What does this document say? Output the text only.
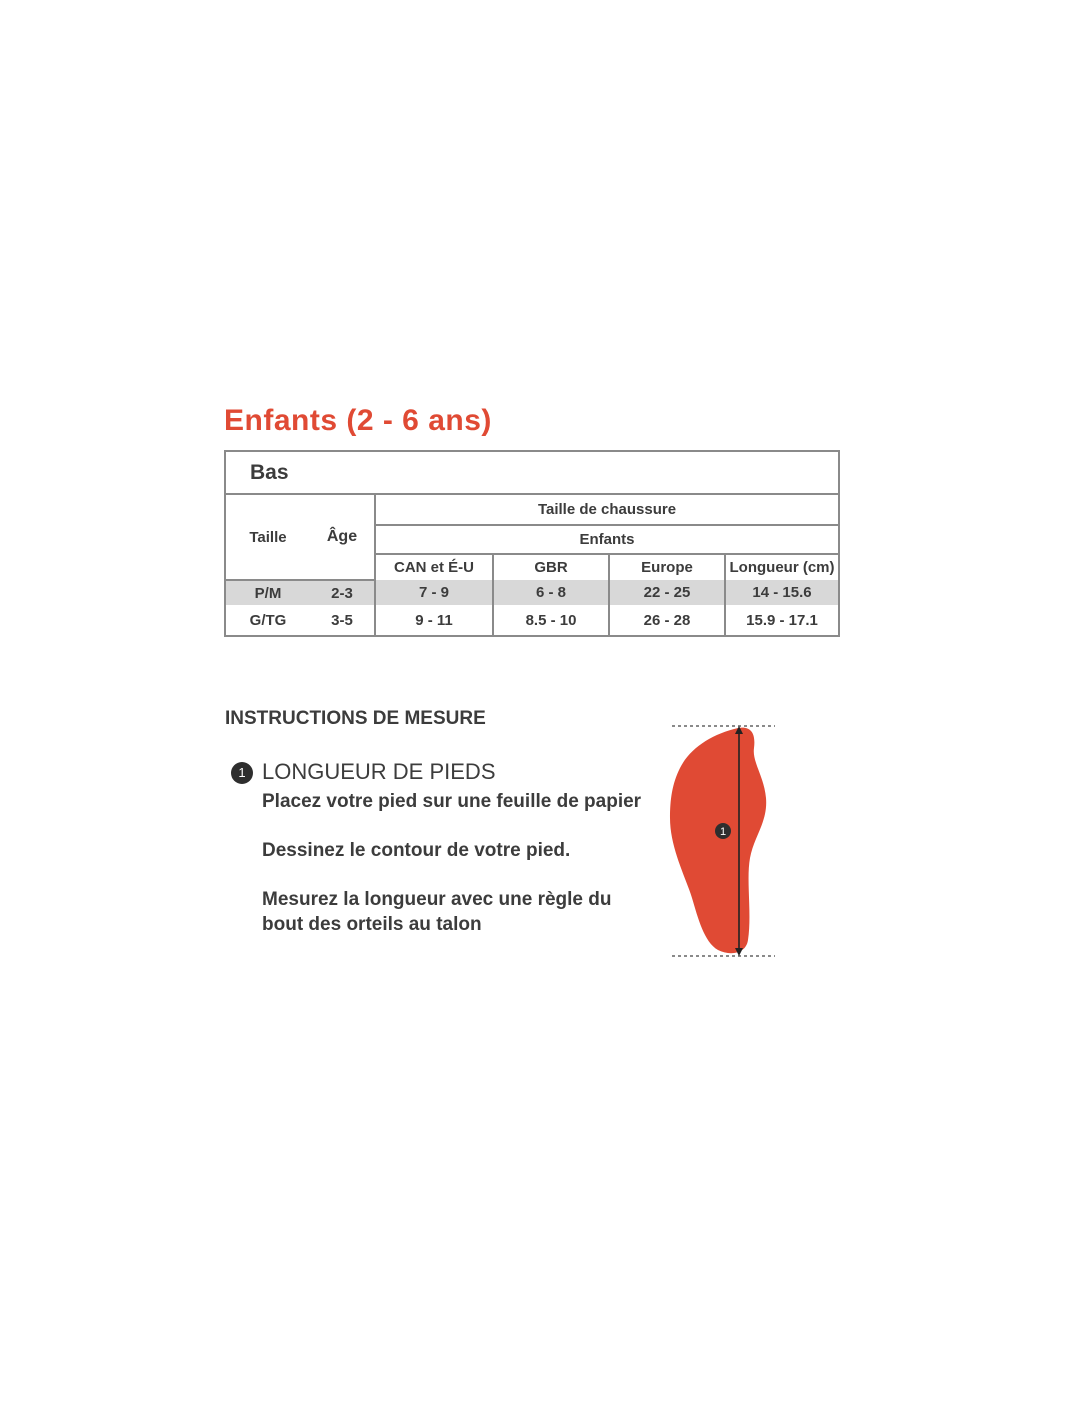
Enfants (2 - 6 ans)
Bas					
Taille	Âge	Taille de chaussure			
		Enfants			
		CAN et É-U	GBR	Europe	Longueur (cm)
P/M	2-3	7 - 9	6 - 8	22 - 25	14 - 15.6
G/TG	3-5	9 - 11	8.5 - 10	26 - 28	15.9 - 17.1
INSTRUCTIONS DE MESURE
1 LONGUEUR DE PIEDS

Placez votre pied sur une feuille de papier

Dessinez le contour de votre pied.

Mesurez la longueur avec une règle du bout des orteils au talon

1
